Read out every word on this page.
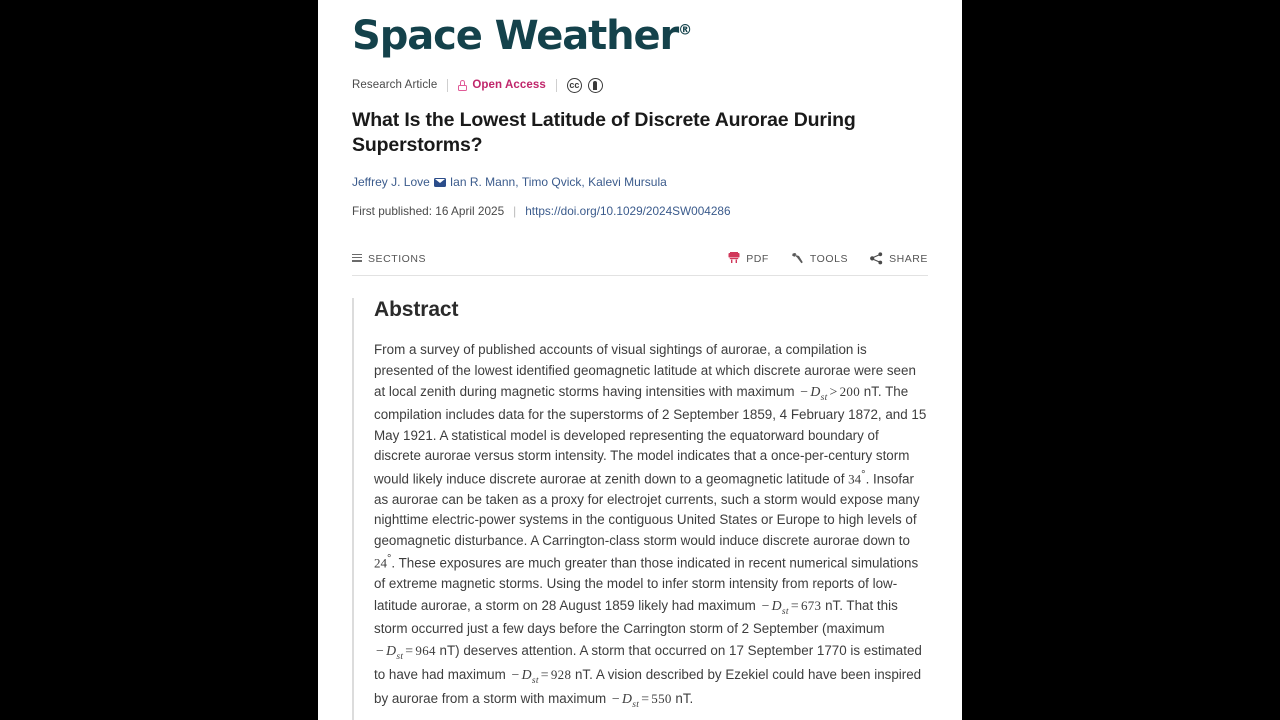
Space Weather®
Research Article	Open Access	cc
What Is the Lowest Latitude of Discrete Aurorae During Superstorms?
Jeffrey J. Love Ian R. Mann,
Timo Qvick,
Kalevi Mursula
First published:
16 April 2025 | https://doi.org/10.1029/2024SW004286
SECTIONS	PDF	TOOLS	SHARE
Abstract
From a survey of published accounts of visual sightings of aurorae, a compilation is presented of the lowest identified geomagnetic latitude at which discrete aurorae were seen at local zenith during magnetic storms having intensities with maximum − $D_{st} > 200$ nT. The compilation includes data for the superstorms of 2 September 1859, 4 February 1872, and 15 May 1921. A statistical model is developed representing the equatorward boundary of discrete aurorae versus storm intensity. The model indicates that a once-per-century storm would likely induce discrete aurorae at zenith down to a geomagnetic latitude of 34°. Insofar as aurorae can be taken as a proxy for electrojet currents, such a storm would expose many nighttime electric-power systems in the contiguous United States or Europe to high levels of geomagnetic disturbance. A Carrington-class storm would induce discrete aurorae down to 24°. These exposures are much greater than those indicated in recent numerical simulations of extreme magnetic storms. Using the model to infer storm intensity from reports of low-latitude aurorae, a storm on 28 August 1859 likely had maximum − $D_{st} = 673$ nT. That this storm occurred just a few days before the Carrington storm of 2 September (maximum − $D_{st} = 964$ nT) deserves attention. A storm that occurred on 17 September 1770 is estimated to have had maximum − $D_{st} = 928$ nT. A vision described by Ezekiel could have been inspired by aurorae from a storm with maximum − $D_{st} = 550$ nT.
